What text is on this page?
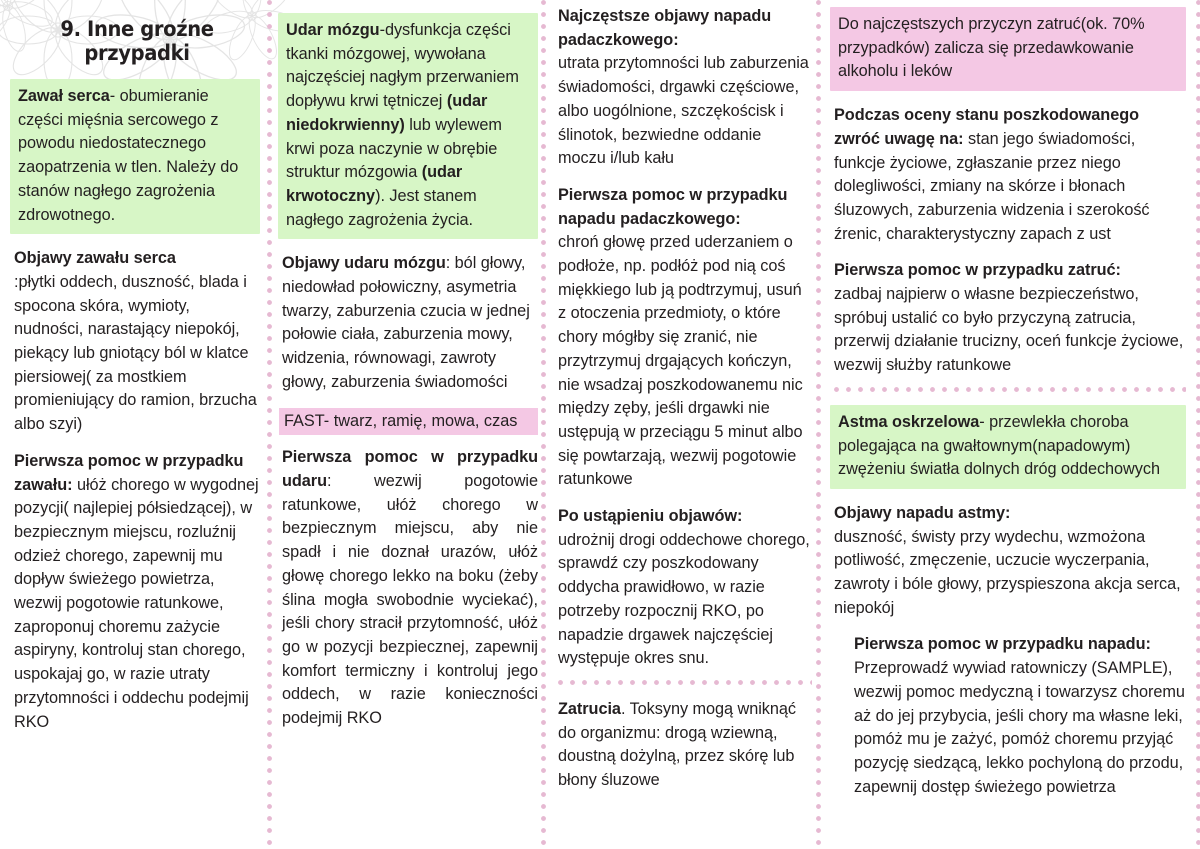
9. Inne groźne przypadki

Zawał serca- obumieranie części mięśnia sercowego z powodu niedostatecznego zaopatrzenia w tlen. Należy do stanów nagłego zagrożenia zdrowotnego.

Objawy zawału serca
:płytki oddech, duszność, blada i spocona skóra, wymioty, nudności, narastający niepokój, piekący lub gniotący ból w klatce piersiowej( za mostkiem promieniujący do ramion, brzucha albo szyi)

Pierwsza pomoc w przypadku zawału: ułóż chorego w wygodnej pozycji( najlepiej półsiedzącej), w bezpiecznym miejscu, rozluźnij odzież chorego, zapewnij mu dopływ świeżego powietrza, wezwij pogotowie ratunkowe, zaproponuj choremu zażycie aspiryny, kontroluj stan chorego, uspokajaj go, w razie utraty przytomności i oddechu podejmij RKO

Udar mózgu-dysfunkcja części tkanki mózgowej, wywołana najczęściej nagłym przerwaniem dopływu krwi tętniczej (udar niedokrwienny) lub wylewem krwi poza naczynie w obrębie struktur mózgowia (udar krwotoczny). Jest stanem nagłego zagrożenia życia.

Objawy udaru mózgu: ból głowy, niedowład połowiczny, asymetria twarzy, zaburzenia czucia w jednej połowie ciała, zaburzenia mowy, widzenia, równowagi, zawroty głowy, zaburzenia świadomości

FAST- twarz, ramię, mowa, czas

Pierwsza pomoc w przypadku udaru: wezwij pogotowie ratunkowe, ułóż chorego w bezpiecznym miejscu, aby nie spadł i nie doznał urazów, ułóż głowę chorego lekko na boku (żeby ślina mogła swobodnie wyciekać), jeśli chory stracił przytomność, ułóż go w pozycji bezpiecznej, zapewnij komfort termiczny i kontroluj jego oddech, w razie konieczności podejmij RKO

Najczęstsze objawy napadu padaczkowego:
utrata przytomności lub zaburzenia świadomości, drgawki częściowe, albo uogólnione, szczękościsk i ślinotok, bezwiedne oddanie moczu i/lub kału

Pierwsza pomoc w przypadku napadu padaczkowego:
chroń głowę przed uderzaniem o podłoże, np. podłóż pod nią coś miękkiego lub ją podtrzymuj, usuń z otoczenia przedmioty, o które chory mógłby się zranić, nie przytrzymuj drgających kończyn, nie wsadzaj poszkodowanemu nic między zęby, jeśli drgawki nie ustępują w przeciągu 5 minut albo się powtarzają, wezwij pogotowie ratunkowe

Po ustąpieniu objawów:
udrożnij drogi oddechowe chorego, sprawdź czy poszkodowany oddycha prawidłowo, w razie potrzeby rozpocznij RKO, po napadzie drgawek najczęściej występuje okres snu.

Zatrucia. Toksyny mogą wniknąć do organizmu: drogą wziewną, doustną dożylną, przez skórę lub błony śluzowe

Do najczęstszych przyczyn zatruć(ok. 70% przypadków) zalicza się przedawkowanie alkoholu i leków

Podczas oceny stanu poszkodowanego zwróć uwagę na: stan jego świadomości, funkcje życiowe, zgłaszanie przez niego dolegliwości, zmiany na skórze i błonach śluzowych, zaburzenia widzenia i szerokość źrenic, charakterystyczny zapach z ust

Pierwsza pomoc w przypadku zatruć:
zadbaj najpierw o własne bezpieczeństwo, spróbuj ustalić co było przyczyną zatrucia, przerwij działanie trucizny, oceń funkcje życiowe, wezwij służby ratunkowe

Astma oskrzelowa- przewlekła choroba polegająca na gwałtownym(napadowym) zwężeniu światła dolnych dróg oddechowych

Objawy napadu astmy:
duszność, świsty przy wydechu, wzmożona potliwość, zmęczenie, uczucie wyczerpania, zawroty i bóle głowy, przyspieszona akcja serca, niepokój

Pierwsza pomoc w przypadku napadu:
Przeprowadź wywiad ratowniczy (SAMPLE), wezwij pomoc medyczną i towarzysz choremu aż do jej przybycia, jeśli chory ma własne leki, pomóż mu je zażyć, pomóż choremu przyjąć pozycję siedzącą, lekko pochyloną do przodu, zapewnij dostęp świeżego powietrza
